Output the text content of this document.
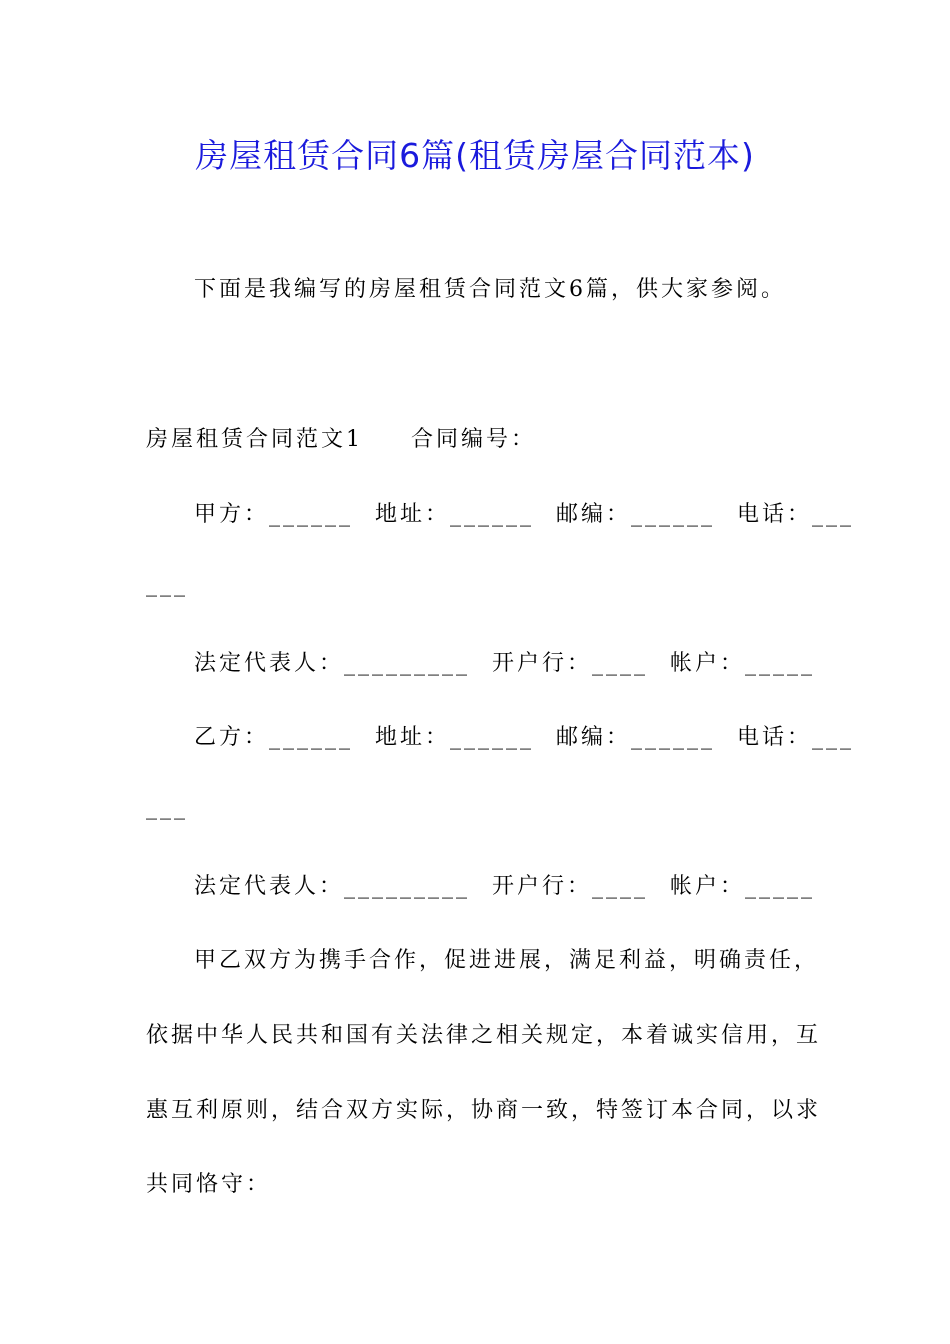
房屋租赁合同6篇(租赁房屋合同范本)
下面是我编写的房屋租赁合同范文6篇，供大家参阅。
房屋租赁合同范文1 合同编号：
甲方：______ 地址：______ 邮编：______ 电话：___
___
法定代表人：_________ 开户行：____ 帐户：_____
乙方：______ 地址：______ 邮编：______ 电话：___
___
法定代表人：_________ 开户行：____ 帐户：_____
甲乙双方为携手合作，促进进展，满足利益，明确责任，
依据中华人民共和国有关法律之相关规定，本着诚实信用，互
惠互利原则，结合双方实际，协商一致，特签订本合同，以求
共同恪守：
